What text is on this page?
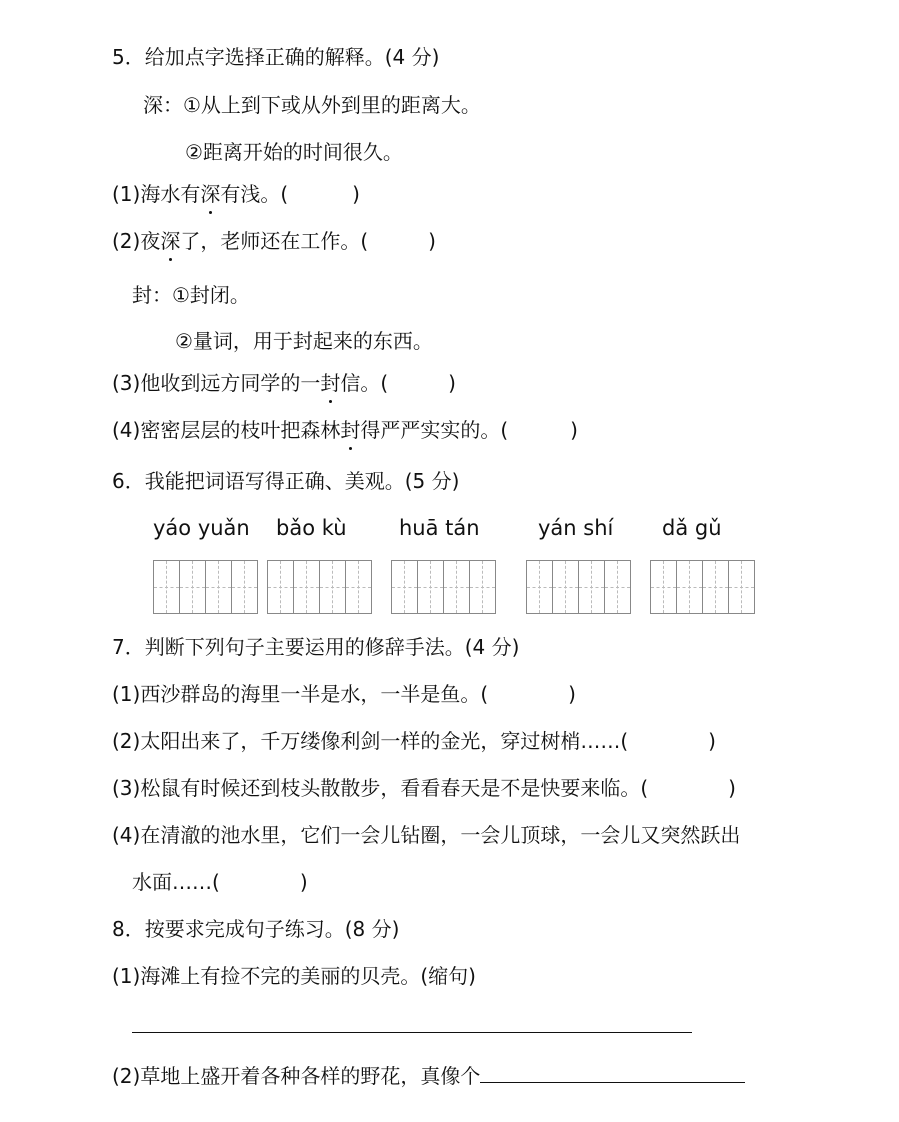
5．给加点字选择正确的解释。(4 分)
深：①从上到下或从外到里的距离大。
②距离开始的时间很久。
(1)海水有深有浅。(	)
(2)夜深了，老师还在工作。(	)
封：①封闭。
②量词，用于封起来的东西。
(3)他收到远方同学的一封信。(	)
(4)密密层层的枝叶把森林封得严严实实的。(	)
6．我能把词语写得正确、美观。(5 分)
yáo yuǎn bǎo kù huā tán	yán shí dǎ gǔ
7．判断下列句子主要运用的修辞手法。(4 分)
(1)西沙群岛的海里一半是水，一半是鱼。(	)
(2)太阳出来了，千万缕像利剑一样的金光，穿过树梢……(	)
(3)松鼠有时候还到枝头散散步，看看春天是不是快要来临。(	)
(4)在清澈的池水里，它们一会儿钻圈，一会儿顶球，一会儿又突然跃出
水面……(	)
8．按要求完成句子练习。(8 分)
(1)海滩上有捡不完的美丽的贝壳。(缩句)
(2)草地上盛开着各种各样的野花，真像个
